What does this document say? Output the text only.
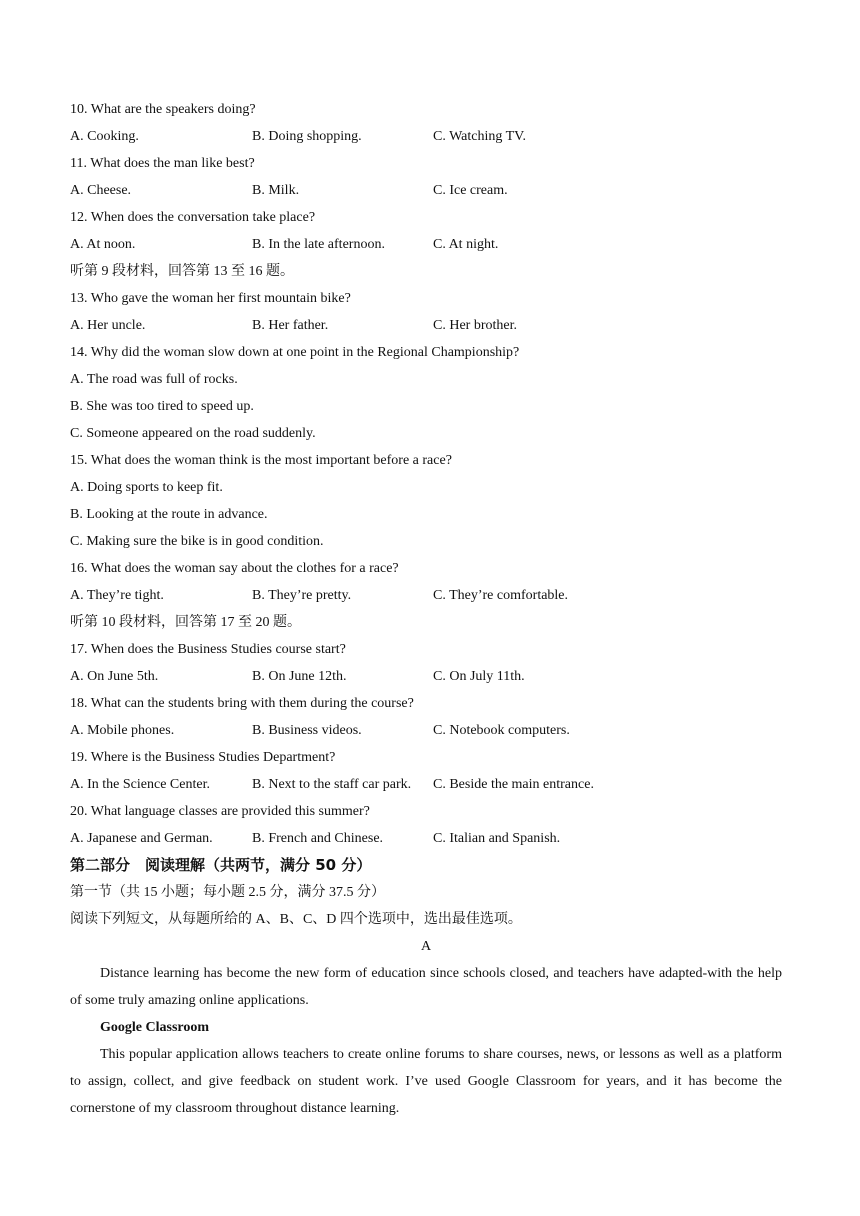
10. What are the speakers doing?
A. Cooking.	B. Doing shopping.	C. Watching TV.
11. What does the man like best?
A. Cheese.	B. Milk.	C. Ice cream.
12. When does the conversation take place?
A. At noon.	B. In the late afternoon.	C. At night.
听第 9 段材料，回答第 13 至 16 题。
13. Who gave the woman her first mountain bike?
A. Her uncle.	B. Her father.	C. Her brother.
14. Why did the woman slow down at one point in the Regional Championship?
A. The road was full of rocks.
B. She was too tired to speed up.
C. Someone appeared on the road suddenly.
15. What does the woman think is the most important before a race?
A. Doing sports to keep fit.
B. Looking at the route in advance.
C. Making sure the bike is in good condition.
16. What does the woman say about the clothes for a race?
A. They’re tight.	B. They’re pretty.	C. They’re comfortable.
听第 10 段材料，回答第 17 至 20 题。
17. When does the Business Studies course start?
A. On June 5th.	B. On June 12th.	C. On July 11th.
18. What can the students bring with them during the course?
A. Mobile phones.	B. Business videos.	C. Notebook computers.
19. Where is the Business Studies Department?
A. In the Science Center.	B. Next to the staff car park. C. Beside the main entrance.
20. What language classes are provided this summer?
A. Japanese and German.	B. French and Chinese.	C. Italian and Spanish.
第二部分　阅读理解（共两节，满分 50 分）
第一节（共 15 小题；每小题 2.5 分，满分 37.5 分）
阅读下列短文，从每题所给的 A、B、C、D 四个选项中，选出最佳选项。
A
Distance learning has become the new form of education since schools closed, and teachers have adapted-with the help of some truly amazing online applications.
Google Classroom
This popular application allows teachers to create online forums to share courses, news, or lessons as well as a platform to assign, collect, and give feedback on student work. I’ve used Google Classroom for years, and it has become the cornerstone of my classroom throughout distance learning.
